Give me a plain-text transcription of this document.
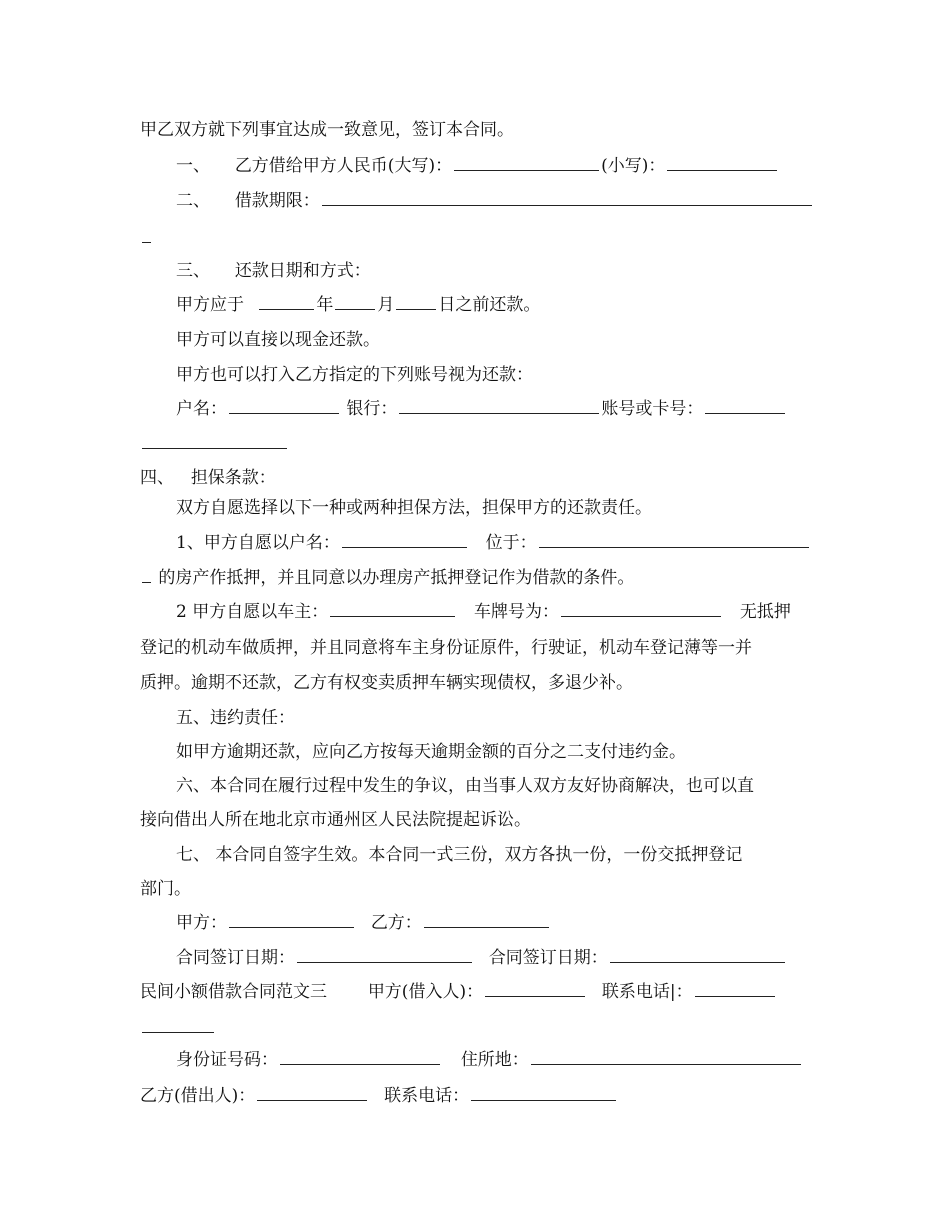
甲乙双方就下列事宜达成一致意见，签订本合同。
一、 乙方借给甲方人民币(大写)：	(小写)：
二、 借款期限：
三、 还款日期和方式：
甲方应于	年	月	日之前还款。
甲方可以直接以现金还款。
甲方也可以打入乙方指定的下列账号视为还款：
户名：	银行：	账号或卡号：
四、 担保条款：
双方自愿选择以下一种或两种担保方法，担保甲方的还款责任。
1、甲方自愿以户名：	位于：
的房产作抵押，并且同意以办理房产抵押登记作为借款的条件。
2 甲方自愿以车主：	车牌号为：	无抵押
登记的机动车做质押，并且同意将车主身份证原件，行驶证，机动车登记薄等一并
质押。逾期不还款，乙方有权变卖质押车辆实现债权，多退少补。
五、违约责任：
如甲方逾期还款，应向乙方按每天逾期金额的百分之二支付违约金。
六、本合同在履行过程中发生的争议，由当事人双方友好协商解决，也可以直
接向借出人所在地北京市通州区人民法院提起诉讼。
七、 本合同自签字生效。本合同一式三份，双方各执一份，一份交抵押登记
部门。
甲方：	乙方：
合同签订日期：	合同签订日期：
民间小额借款合同范文三 甲方(借入人)：	联系电话|：
身份证号码：	住所地：
乙方(借出人)：	联系电话：
